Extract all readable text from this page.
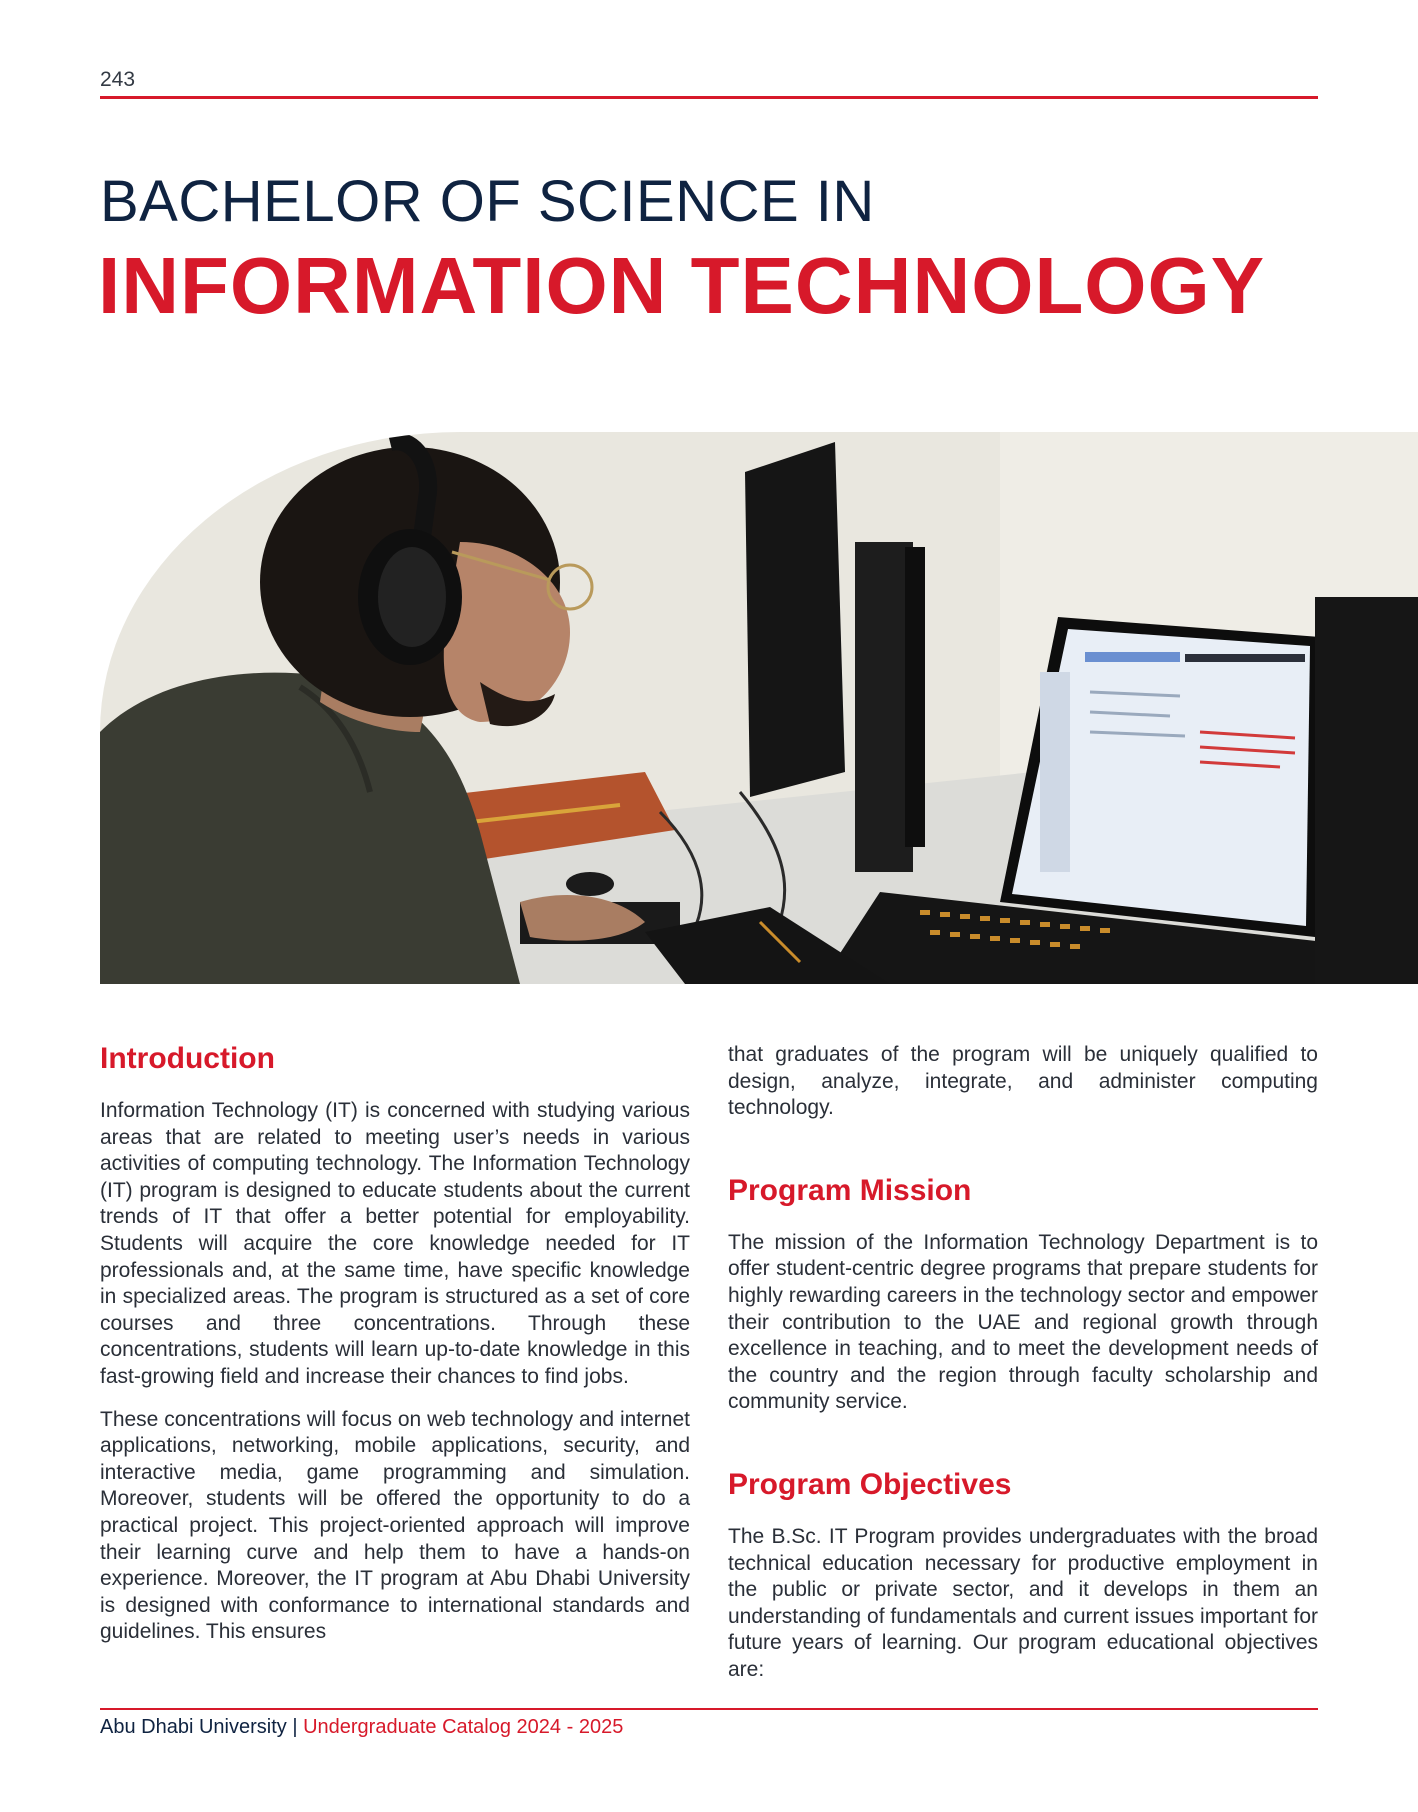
243
BACHELOR OF SCIENCE IN
INFORMATION TECHNOLOGY
Introduction

Information Technology (IT) is concerned with studying various areas that are related to meeting user’s needs in various activities of computing technology. The Information Technology (IT) program is designed to educate students about the current trends of IT that offer a better potential for employability. Students will acquire the core knowledge needed for IT professionals and, at the same time, have specific knowledge in specialized areas. The program is structured as a set of core courses and three concentrations. Through these concentrations, students will learn up-to-date knowledge in this fast-growing field and increase their chances to find jobs.

These concentrations will focus on web technology and internet applications, networking, mobile applications, security, and interactive media, game programming and simulation. Moreover, students will be offered the opportunity to do a practical project. This project-oriented approach will improve their learning curve and help them to have a hands-on experience. Moreover, the IT program at Abu Dhabi University is designed with conformance to international standards and guidelines. This ensures

that graduates of the program will be uniquely qualified to design, analyze, integrate, and administer computing technology.

Program Mission

The mission of the Information Technology Department is to offer student-centric degree programs that prepare students for highly rewarding careers in the technology sector and empower their contribution to the UAE and regional growth through excellence in teaching, and to meet the development needs of the country and the region through faculty scholarship and community service.

Program Objectives

The B.Sc. IT Program provides undergraduates with the broad technical education necessary for productive employment in the public or private sector, and it develops in them an understanding of fundamentals and current issues important for future years of learning. Our program educational objectives are:

Abu Dhabi University | Undergraduate Catalog 2024 - 2025
